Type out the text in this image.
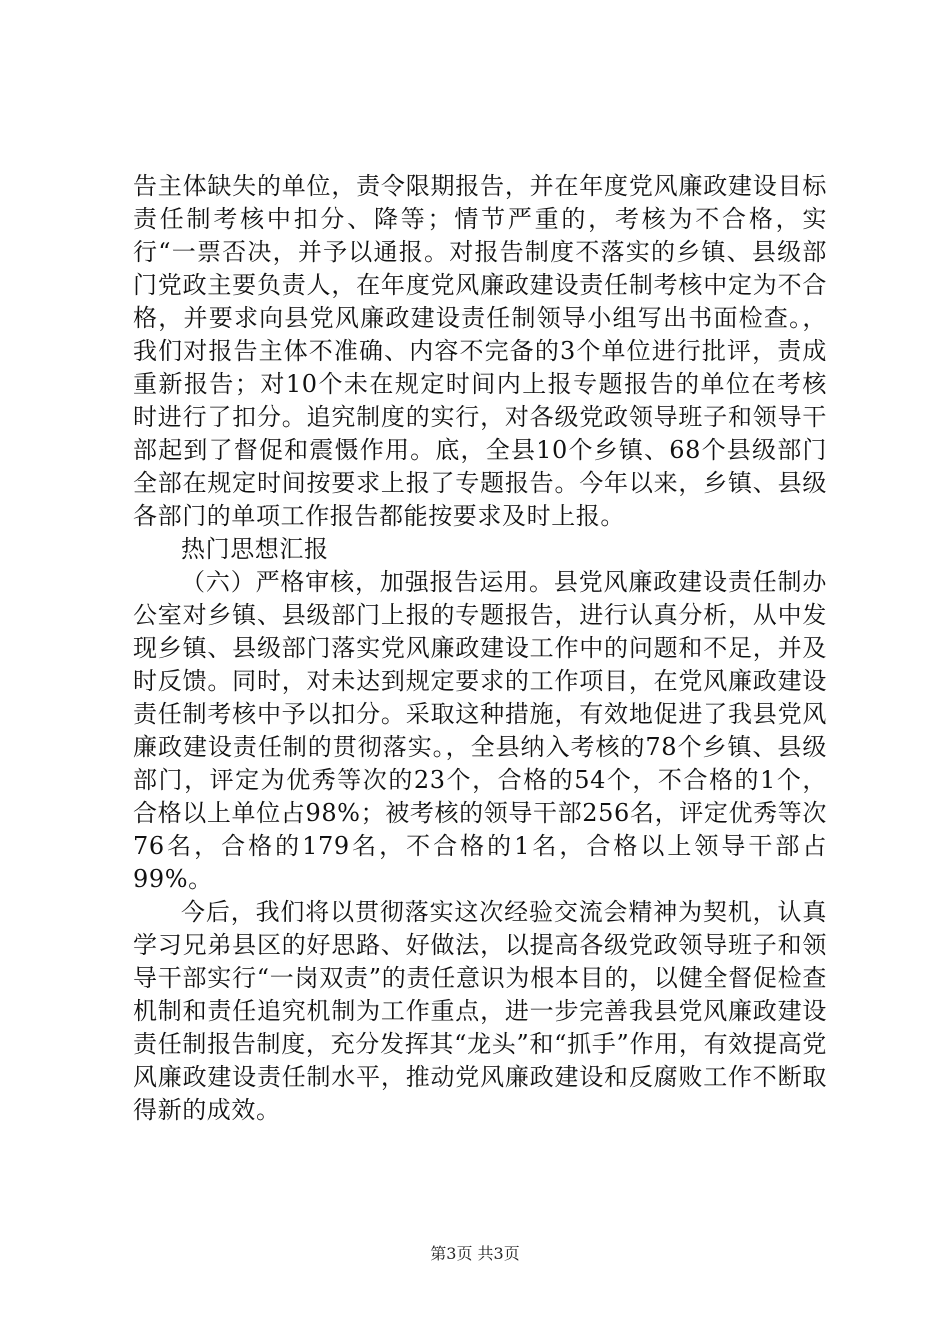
告主体缺失的单位，责令限期报告，并在年度党风廉政建设目标责任制考核中扣分、降等；情节严重的，考核为不合格，实行“一票否决，并予以通报。对报告制度不落实的乡镇、县级部门党政主要负责人，在年度党风廉政建设责任制考核中定为不合格，并要求向县党风廉政建设责任制领导小组写出书面检查。，我们对报告主体不准确、内容不完备的3个单位进行批评，责成重新报告；对10个未在规定时间内上报专题报告的单位在考核时进行了扣分。追究制度的实行，对各级党政领导班子和领导干部起到了督促和震慑作用。底，全县10个乡镇、68个县级部门全部在规定时间按要求上报了专题报告。今年以来，乡镇、县级各部门的单项工作报告都能按要求及时上报。

热门思想汇报

（六）严格审核，加强报告运用。县党风廉政建设责任制办公室对乡镇、县级部门上报的专题报告，进行认真分析，从中发现乡镇、县级部门落实党风廉政建设工作中的问题和不足，并及时反馈。同时，对未达到规定要求的工作项目，在党风廉政建设责任制考核中予以扣分。采取这种措施，有效地促进了我县党风廉政建设责任制的贯彻落实。，全县纳入考核的78个乡镇、县级部门，评定为优秀等次的23个，合格的54个，不合格的1个，合格以上单位占98%；被考核的领导干部256名，评定优秀等次76名，合格的179名，不合格的1名，合格以上领导干部占99%。

今后，我们将以贯彻落实这次经验交流会精神为契机，认真学习兄弟县区的好思路、好做法，以提高各级党政领导班子和领导干部实行“一岗双责”的责任意识为根本目的，以健全督促检查机制和责任追究机制为工作重点，进一步完善我县党风廉政建设责任制报告制度，充分发挥其“龙头”和“抓手”作用，有效提高党风廉政建设责任制水平，推动党风廉政建设和反腐败工作不断取得新的成效。

第3页 共3页
